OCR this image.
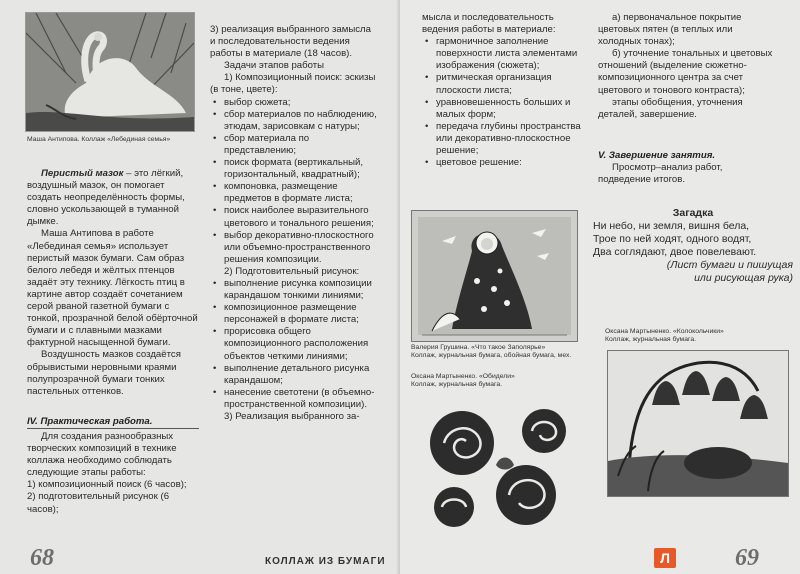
Маша Антипова. Коллаж «Лебединая семья»

Перистый мазок – это лёгкий, воздушный мазок, он помогает создать неопределённость формы, словно ускользающей в туманной дымке.

Маша Антипова в работе «Лебединая семья» использует перистый мазок бумаги. Сам образ белого лебедя и жёлтых птенцов задаёт эту технику. Лёгкость птиц в картине автор создаёт сочетанием серой рваной газетной бумаги с тонкой, прозрачной белой обёрточной бумаги и с плавными мазками фактурной насыщенной бумаги.

Воздушность мазков создаётся обрывистыми неровными краями полупрозрачной бумаги тонких пастельных оттенков.

IV. Практическая работа.

Для создания разнообразных творческих композиций в технике коллажа необходимо соблюдать следующие этапы работы:

1) композиционный поиск (6 часов);

2) подготовительный рисунок (6 часов);

3) реализация выбранного замысла и последовательности ведения работы в материале (18 часов).

Задачи этапов работы

1) Композиционный поиск: эскизы (в тоне, цвете):

• выбор сюжета;

• сбор материалов по наблюдению, этюдам, зарисовкам с натуры;

• сбор материала по представлению;

• поиск формата (вертикальный, горизонтальный, квадратный);

• компоновка, размещение предметов в формате листа;

• поиск наиболее выразительного цветового и тонального решения;

• выбор декоративно-плоскостного или объемно-пространственного решения композиции.

2) Подготовительный рисунок:

• выполнение рисунка композиции карандашом тонкими линиями;

• композиционное размещение персонажей в формате листа;

• прорисовка общего композиционного расположения объектов четкими линиями;

• выполнение детального рисунка карандашом;

• нанесение светотени (в объемно-пространственной композиции).

3) Реализация выбранного за-

68	КОЛЛАЖ ИЗ БУМАГИ

мысла и последовательность ведения работы в материале:

• гармоничное заполнение поверхности листа элементами изображения (сюжета);

• ритмическая организация плоскости листа;

• уравновешенность больших и малых форм;

• передача глубины пространства или декоративно-плоскостное решение;

• цветовое решение:

а) первоначальное покрытие цветовых пятен (в теплых или холодных тонах);

б) уточнение тональных и цветовых отношений (выделение сюжетно-композиционного центра за счет цветового и тонового контраста);

этапы обобщения, уточнения деталей, завершение.

V. Завершение занятия.

Просмотр–анализ работ, подведение итогов.

Валерия Грушина. «Что такое Заполярье»
Коллаж, журнальная бумага, обойная бумага, мех.
Оксана Мартыненко. «Обидели»
Коллаж, журнальная бумага.
Оксана Мартыненко. «Колокольчики»
Коллаж, журнальная бумага.
Загадка
Ни небо, ни земля, вишня бела,
Трое по ней ходят, одного водят,
Два соглядают, двое повелевают.
(Лист бумаги и пишущая
или рисующая рука)
Л	69
